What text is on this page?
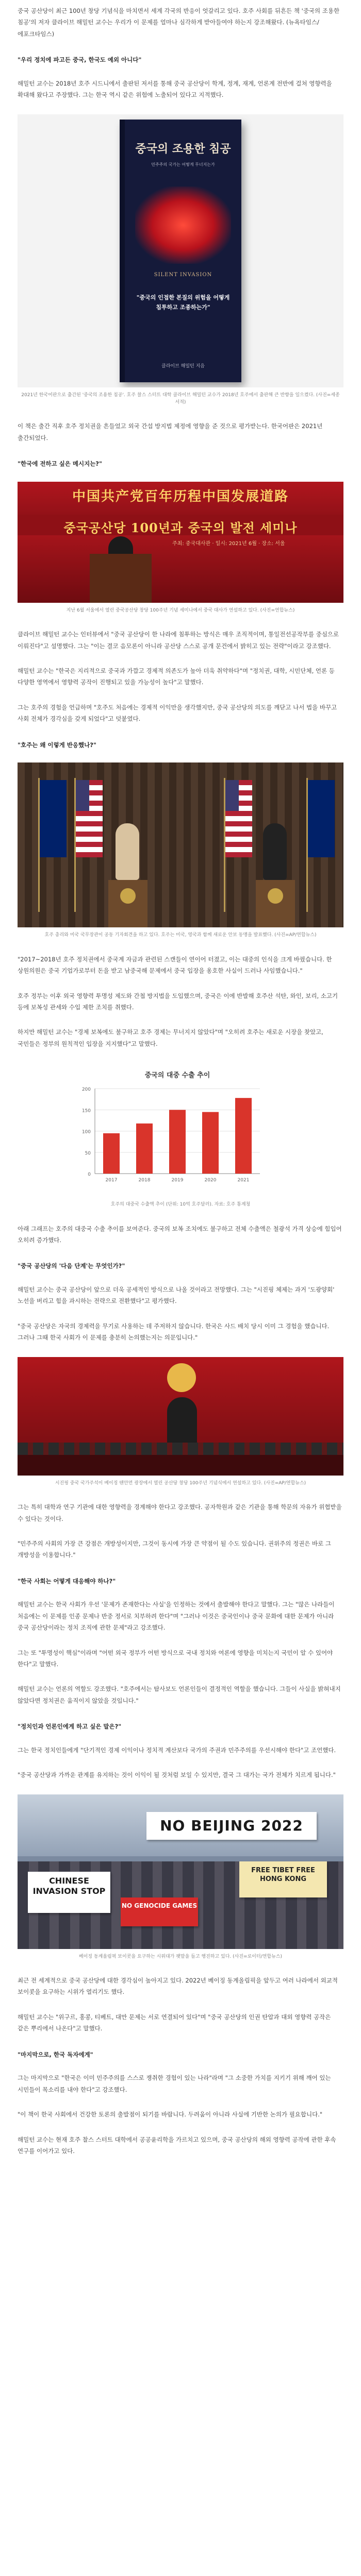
중국 공산당이 최근 100년 창당 기념식을 마치면서 세계 각국의 반응이 엇갈리고 있다. 호주 사회를 뒤흔든 책 '중국의 조용한 침공'의 저자 클라이브 해밀턴 교수는 우리가 이 문제를 얼마나 심각하게 받아들여야 하는지 강조해왔다. (뉴욕타임스/에포크타임스)

"우리 정치에 파고든 중국, 한국도 예외 아니다"

해밀턴 교수는 2018년 호주 시드니에서 출판된 저서를 통해 중국 공산당이 학계, 정계, 재계, 언론계 전반에 걸쳐 영향력을 확대해 왔다고 주장했다. 그는 한국 역시 같은 위험에 노출되어 있다고 지적했다.

중국의 조용한 침공
민주주의 국가는 어떻게 무너지는가
SILENT INVASION
"중국의 인접한 본질의 위험을 어떻게 침투하고 조종하는가"
클라이브 해밀턴 지음
2021년 한국어판으로 출간된 '중국의 조용한 침공'. 호주 찰스 스터트 대학 클라이브 해밀턴 교수가 2018년 호주에서 출판해 큰 반향을 일으켰다. (사진=세종서적)

이 책은 출간 직후 호주 정치권을 흔들었고 외국 간섭 방지법 제정에 영향을 준 것으로 평가받는다. 한국어판은 2021년 출간되었다.

"한국에 전하고 싶은 메시지는?"

中国共产党百年历程中国发展道路
중국공산당 100년과 중국의 발전 세미나
주최: 중국대사관 · 일시: 2021년 6월 · 장소: 서울
지난 6월 서울에서 열린 중국공산당 창당 100주년 기념 세미나에서 중국 대사가 연설하고 있다. (사진=연합뉴스)

클라이브 해밀턴 교수는 인터뷰에서 "중국 공산당이 한 나라에 침투하는 방식은 매우 조직적이며, 통일전선공작부를 중심으로 이뤄진다"고 설명했다. 그는 "이는 결코 음모론이 아니라 공산당 스스로 공개 문건에서 밝히고 있는 전략"이라고 강조했다.

해밀턴 교수는 "한국은 지리적으로 중국과 가깝고 경제적 의존도가 높아 더욱 취약하다"며 "정치권, 대학, 시민단체, 언론 등 다양한 영역에서 영향력 공작이 진행되고 있을 가능성이 높다"고 말했다.

그는 호주의 경험을 언급하며 "호주도 처음에는 경제적 이익만을 생각했지만, 중국 공산당의 의도를 깨닫고 나서 법을 바꾸고 사회 전체가 경각심을 갖게 되었다"고 덧붙였다.

"호주는 왜 이렇게 반응했나?"

호주 총리와 미국 국무장관이 공동 기자회견을 하고 있다. 호주는 미국, 영국과 함께 새로운 안보 동맹을 발표했다. (사진=AP/연합뉴스)

"2017~2018년 호주 정치권에서 중국계 자금과 관련된 스캔들이 연이어 터졌고, 이는 대중의 인식을 크게 바꿨습니다. 한 상원의원은 중국 기업가로부터 돈을 받고 남중국해 문제에서 중국 입장을 옹호한 사실이 드러나 사임했습니다."

호주 정부는 이후 외국 영향력 투명성 제도와 간첩 방지법을 도입했으며, 중국은 이에 반발해 호주산 석탄, 와인, 보리, 소고기 등에 보복성 관세와 수입 제한 조치를 취했다.

하지만 해밀턴 교수는 "경제 보복에도 불구하고 호주 경제는 무너지지 않았다"며 "오히려 호주는 새로운 시장을 찾았고, 국민들은 정부의 원칙적인 입장을 지지했다"고 말했다.

중국의 대중 수출 추이
0
50
100
150
200
2017	2018	2019	2020	2021
호주의 대중국 수출액 추이 (단위: 10억 호주달러). 자료: 호주 통계청

아래 그래프는 호주의 대중국 수출 추이를 보여준다. 중국의 보복 조치에도 불구하고 전체 수출액은 철광석 가격 상승에 힘입어 오히려 증가했다.

"중국 공산당의 '다음 단계'는 무엇인가?"

해밀턴 교수는 중국 공산당이 앞으로 더욱 공세적인 방식으로 나올 것이라고 전망했다. 그는 "시진핑 체제는 과거 '도광양회' 노선을 버리고 힘을 과시하는 전략으로 전환했다"고 평가했다.

"중국 공산당은 자국의 경제력을 무기로 사용하는 데 주저하지 않습니다. 한국은 사드 배치 당시 이미 그 경험을 했습니다. 그러나 그때 한국 사회가 이 문제를 충분히 논의했는지는 의문입니다."

시진핑 중국 국가주석이 베이징 톈안먼 광장에서 열린 공산당 창당 100주년 기념식에서 연설하고 있다. (사진=AP/연합뉴스)

그는 특히 대학과 연구 기관에 대한 영향력을 경계해야 한다고 강조했다. 공자학원과 같은 기관을 통해 학문의 자유가 위협받을 수 있다는 것이다.

"민주주의 사회의 가장 큰 강점은 개방성이지만, 그것이 동시에 가장 큰 약점이 될 수도 있습니다. 권위주의 정권은 바로 그 개방성을 이용합니다."

"한국 사회는 어떻게 대응해야 하나?"

해밀턴 교수는 한국 사회가 우선 '문제가 존재한다는 사실'을 인정하는 것에서 출발해야 한다고 말했다. 그는 "많은 나라들이 처음에는 이 문제를 인종 문제나 반중 정서로 치부하려 한다"며 "그러나 이것은 중국인이나 중국 문화에 대한 문제가 아니라 중국 공산당이라는 정치 조직에 관한 문제"라고 강조했다.

그는 또 "투명성이 핵심"이라며 "어떤 외국 정부가 어떤 방식으로 국내 정치와 여론에 영향을 미치는지 국민이 알 수 있어야 한다"고 말했다.

해밀턴 교수는 언론의 역할도 강조했다. "호주에서는 탐사보도 언론인들이 결정적인 역할을 했습니다. 그들이 사실을 밝혀내지 않았다면 정치권은 움직이지 않았을 것입니다."

"정치인과 언론인에게 하고 싶은 말은?"

그는 한국 정치인들에게 "단기적인 경제 이익이나 정치적 계산보다 국가의 주권과 민주주의를 우선시해야 한다"고 조언했다.

"중국 공산당과 가까운 관계를 유지하는 것이 이익이 될 것처럼 보일 수 있지만, 결국 그 대가는 국가 전체가 치르게 됩니다."

NO BEIJING 2022
CHINESE INVASION STOP
FREE TIBET FREE HONG KONG
NO GENOCIDE GAMES
베이징 동계올림픽 보이콧을 요구하는 시위대가 팻말을 들고 행진하고 있다. (사진=로이터/연합뉴스)

최근 전 세계적으로 중국 공산당에 대한 경각심이 높아지고 있다. 2022년 베이징 동계올림픽을 앞두고 여러 나라에서 외교적 보이콧을 요구하는 시위가 열리기도 했다.

해밀턴 교수는 "위구르, 홍콩, 티베트, 대만 문제는 서로 연결되어 있다"며 "중국 공산당의 인권 탄압과 대외 영향력 공작은 같은 뿌리에서 나온다"고 말했다.

"마지막으로, 한국 독자에게"

그는 마지막으로 "한국은 이미 민주주의를 스스로 쟁취한 경험이 있는 나라"라며 "그 소중한 가치를 지키기 위해 깨어 있는 시민들이 목소리를 내야 한다"고 강조했다.

"이 책이 한국 사회에서 건강한 토론의 출발점이 되기를 바랍니다. 두려움이 아니라 사실에 기반한 논의가 필요합니다."

해밀턴 교수는 현재 호주 찰스 스터트 대학에서 공공윤리학을 가르치고 있으며, 중국 공산당의 해외 영향력 공작에 관한 후속 연구를 이어가고 있다.
